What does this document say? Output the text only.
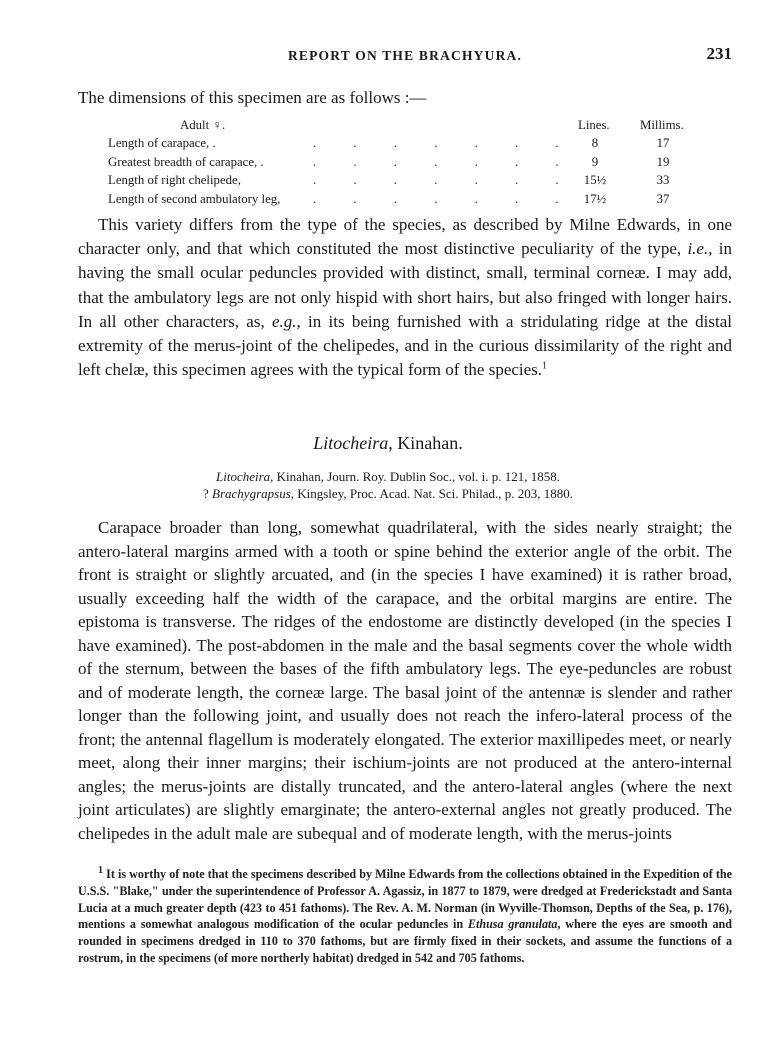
REPORT ON THE BRACHYURA.	231
The dimensions of this specimen are as follows :—
Adult ♀.	Lines. Millims.
Length of carapace, .	. . . . . . .	8	17
Greatest breadth of carapace, .	. . . . . . .	9	19
Length of right chelipede,	. . . . . . . 15½	33
Length of second ambulatory leg,	. . . . . . . 17½	37

This variety differs from the type of the species, as described by Milne Edwards, in one character only, and that which constituted the most distinctive peculiarity of the type, i.e., in having the small ocular peduncles provided with distinct, small, terminal corneæ. I may add, that the ambulatory legs are not only hispid with short hairs, but also fringed with longer hairs. In all other characters, as, e.g., in its being furnished with a stridulating ridge at the distal extremity of the merus-joint of the chelipedes, and in the curious dissimilarity of the right and left chelæ, this specimen agrees with the typical form of the species.$^1$

Litocheira, Kinahan.
Litocheira, Kinahan, Journ. Roy. Dublin Soc., vol. i. p. 121, 1858.
? Brachygrapsus, Kingsley, Proc. Acad. Nat. Sci. Philad., p. 203, 1880.

Carapace broader than long, somewhat quadrilateral, with the sides nearly straight; the antero-lateral margins armed with a tooth or spine behind the exterior angle of the orbit. The front is straight or slightly arcuated, and (in the species I have examined) it is rather broad, usually exceeding half the width of the carapace, and the orbital margins are entire. The epistoma is transverse. The ridges of the endostome are distinctly developed (in the species I have examined). The post-abdomen in the male and the basal segments cover the whole width of the sternum, between the bases of the fifth ambulatory legs. The eye-peduncles are robust and of moderate length, the corneæ large. The basal joint of the antennæ is slender and rather longer than the following joint, and usually does not reach the infero-lateral process of the front; the antennal flagellum is moderately elongated. The exterior maxillipedes meet, or nearly meet, along their inner margins; their ischium-joints are not produced at the antero-internal angles; the merus-joints are distally truncated, and the antero-lateral angles (where the next joint articulates) are slightly emarginate; the antero-external angles not greatly produced. The chelipedes in the adult male are subequal and of moderate length, with the merus-joints

$^1$ It is worthy of note that the specimens described by Milne Edwards from the collections obtained in the Expedition of the U.S.S. "Blake," under the superintendence of Professor A. Agassiz, in 1877 to 1879, were dredged at Frederickstadt and Santa Lucia at a much greater depth (423 to 451 fathoms). The Rev. A. M. Norman (in Wyville-Thomson, Depths of the Sea, p. 176), mentions a somewhat analogous modification of the ocular peduncles in Ethusa granulata, where the eyes are smooth and rounded in specimens dredged in 110 to 370 fathoms, but are firmly fixed in their sockets, and assume the functions of a rostrum, in the specimens (of more northerly habitat) dredged in 542 and 705 fathoms.
